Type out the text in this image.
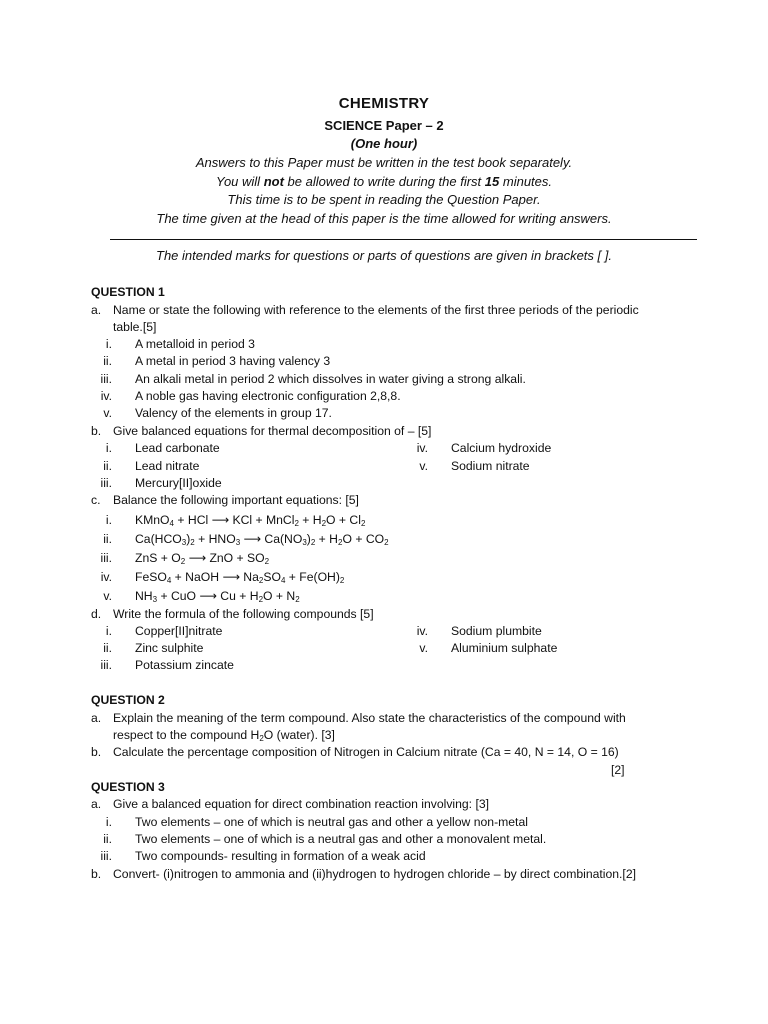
CHEMISTRY
SCIENCE Paper – 2
(One hour)
Answers to this Paper must be written in the test book separately.
You will not be allowed to write during the first 15 minutes.
This time is to be spent in reading the Question Paper.
The time given at the head of this paper is the time allowed for writing answers.
The intended marks for questions or parts of questions are given in brackets [ ].
QUESTION 1
a. Name or state the following with reference to the elements of the first three periods of the periodic
table.[5]
i. A metalloid in period 3
ii. A metal in period 3 having valency 3
iii. An alkali metal in period 2 which dissolves in water giving a strong alkali.
iv. A noble gas having electronic configuration 2,8,8.
v. Valency of the elements in group 17.
b. Give balanced equations for thermal decomposition of – [5]
i. Lead carbonate
ii. Lead nitrate
iii. Mercury[II]oxide
iv. Calcium hydroxide
v. Sodium nitrate
c. Balance the following important equations: [5]
i. KMnO$_4$ + HCl ⟶ KCl + MnCl$_2$ + $H_2O + Cl_2$
ii. $Ca(HCO_3)_2 + HNO_3$ ⟶ $Ca(NO_3)_2 + H_2O + CO_2$
iii. ZnS + $O_2$ ⟶ ZnO + $SO_2$
iv. FeSO$_4$ + NaOH ⟶ $Na_2SO_4 + Fe(OH)_2$
v. $NH_3$ + CuO ⟶ $Cu + H_2O + N_2$
d. Write the formula of the following compounds [5]
i. Copper[II]nitrate
ii. Zinc sulphite
iii. Potassium zincate
iv. Sodium plumbite
v. Aluminium sulphate
QUESTION 2
a. Explain the meaning of the term compound. Also state the characteristics of the compound with
respect to the compound $H_2O$ (water). [3]
b. Calculate the percentage composition of Nitrogen in Calcium nitrate (Ca = 40, N = 14, O = 16)
[2]
QUESTION 3
a. Give a balanced equation for direct combination reaction involving: [3]
i. Two elements – one of which is neutral gas and other a yellow non-metal
ii. Two elements – one of which is a neutral gas and other a monovalent metal.
iii. Two compounds- resulting in formation of a weak acid
b. Convert- (i)nitrogen to ammonia and (ii)hydrogen to hydrogen chloride – by direct combination.[2]
